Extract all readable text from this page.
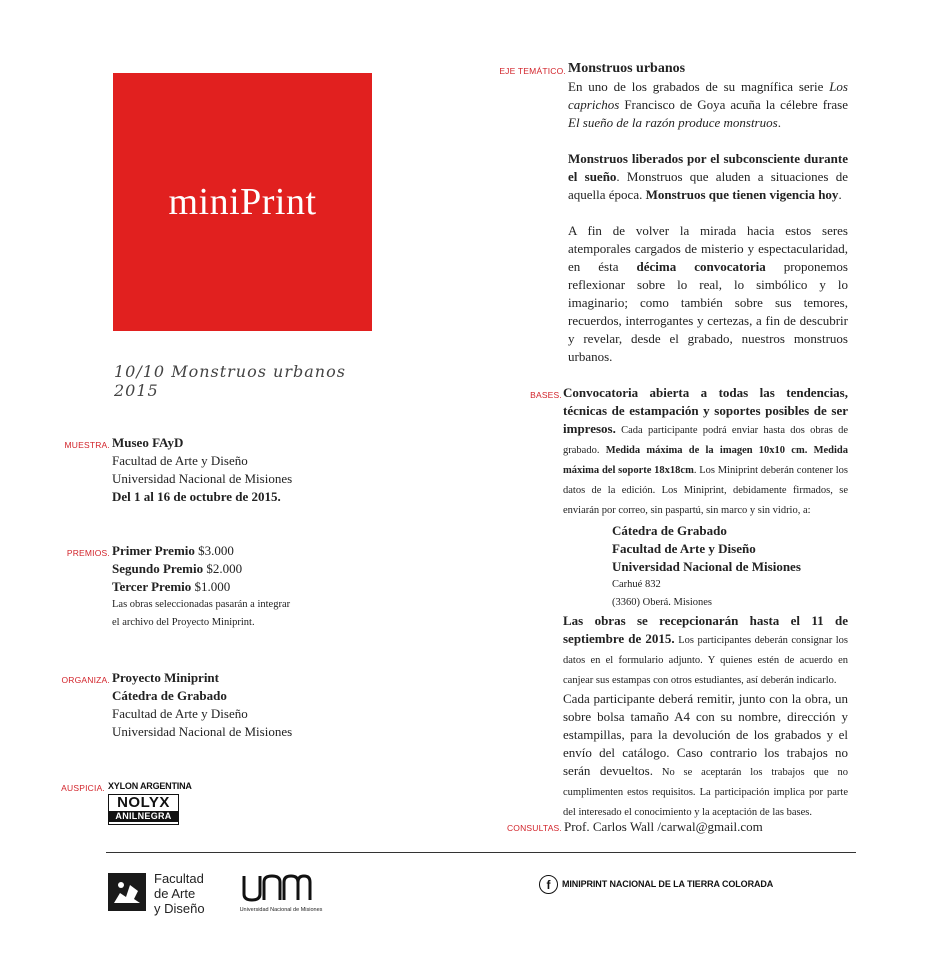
miniPrint
10/10 Monstruos urbanos 2015
EJE TEMÁTICO. Monstruos urbanos

En uno de los grabados de su magnífica serie Los caprichos Francisco de Goya acuña la célebre frase El sueño de la razón produce monstruos.

Monstruos liberados por el subconsciente durante el sueño. Monstruos que aluden a situaciones de aquella época. Monstruos que tienen vigencia hoy.

A fin de volver la mirada hacia estos seres atemporales cargados de misterio y espectacularidad, en ésta décima convocatoria proponemos reflexionar sobre lo real, lo simbólico y lo imaginario; como también sobre sus temores, recuerdos, interrogantes y certezas, a fin de descubrir y revelar, desde el grabado, nuestros monstruos urbanos.

BASES. Convocatoria abierta a todas las tendencias, técnicas de estampación y soportes posibles de ser impresos. Cada participante podrá enviar hasta dos obras de grabado. Medida máxima de la imagen 10x10 cm. Medida máxima del soporte 18x18cm. Los Miniprint deberán contener los datos de la edición. Los Miniprint, debidamente firmados, se enviarán por correo, sin paspartú, sin marco y sin vidrio, a:

Cátedra de Grabado

Facultad de Arte y Diseño

Universidad Nacional de Misiones

Carhué 832

(3360) Oberá. Misiones

Las obras se recepcionarán hasta el 11 de septiembre de 2015. Los participantes deberán consignar los datos en el formulario adjunto. Y quienes estén de acuerdo en canjear sus estampas con otros estudiantes, así deberán indicarlo.

Cada participante deberá remitir, junto con la obra, un sobre bolsa tamaño A4 con su nombre, dirección y estampillas, para la devolución de los grabados y el envío del catálogo. Caso contrario los trabajos no serán devueltos. No se aceptarán los trabajos que no cumplimenten estos requisitos. La participación implica por parte del interesado el conocimiento y la aceptación de las bases.

CONSULTAS. Prof. Carlos Wall /carwal@gmail.com
MUESTRA. Museo FAyD

Facultad de Arte y Diseño

Universidad Nacional de Misiones

Del 1 al 16 de octubre de 2015.

PREMIOS. Primer Premio $3.000

Segundo Premio $2.000

Tercer Premio $1.000

Las obras seleccionadas pasarán a integrar

el archivo del Proyecto Miniprint.

ORGANIZA. Proyecto Miniprint

Cátedra de Grabado

Facultad de Arte y Diseño

Universidad Nacional de Misiones

AUSPICIA. XYLON ARGENTINA
NOLYX
ANILNEGRA
Facultad
de Arte
y Diseño	Universidad Nacional de Misiones
f MINIPRINT NACIONAL DE LA TIERRA COLORADA
